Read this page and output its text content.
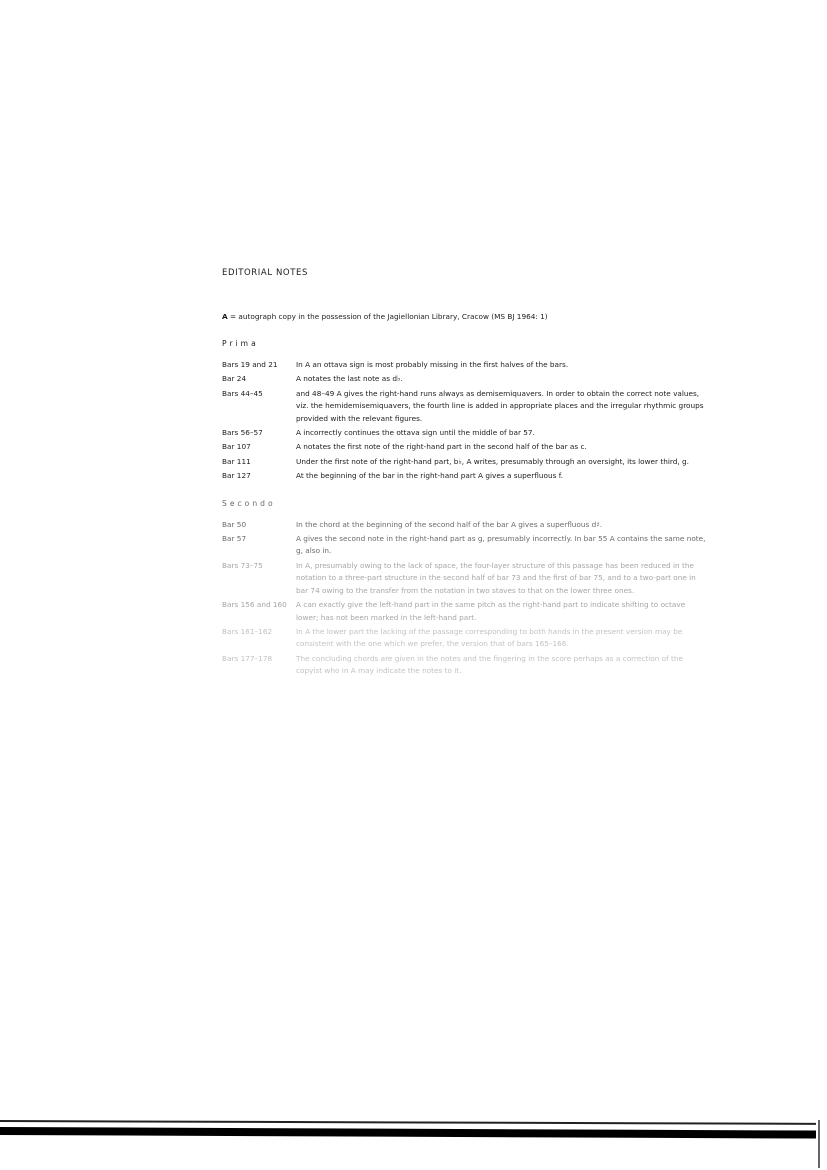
EDITORIAL NOTES
A = autograph copy in the possession of the Jagiellonian Library, Cracow (MS BJ 1964: 1)
Prima
Bars 19 and 21	In A an ottava sign is most probably missing in the first halves of the bars.
Bar 24	A notates the last note as d♭.
Bars 44–45	and 48–49 A gives the right-hand runs always as demisemiquavers. In order to obtain the correct note values, viz. the hemidemisemiquavers, the fourth line is added in appropriate places and the irregular rhythmic groups provided with the relevant figures.
Bars 56–57	A incorrectly continues the ottava sign until the middle of bar 57.
Bar 107	A notates the first note of the right-hand part in the second half of the bar as c.
Bar 111	Under the first note of the right-hand part, b♭, A writes, presumably through an oversight, its lower third, g.
Bar 127	At the beginning of the bar in the right-hand part A gives a superfluous f.
Secondo
Bar 50	In the chord at the beginning of the second half of the bar A gives a superfluous d♯.
Bar 57	A gives the second note in the right-hand part as g, presumably incorrectly. In bar 55 A contains the same note, g, also in.
Bars 73–75	In A, presumably owing to the lack of space, the four-layer structure of this passage has been reduced in the notation to a three-part structure in the second half of bar 73 and the first of bar 75, and to a two-part one in bar 74 owing to the transfer from the notation in two staves to that on the lower three ones.
Bars 156 and 160	A can exactly give the left-hand part in the same pitch as the right-hand part to indicate shifting to octave lower; has not been marked in the left-hand part.
Bars 161–162	In A the lower part the lacking of the passage corresponding to both hands in the present version may be consistent with the one which we prefer, the version that of bars 165–166.
Bars 177–178	The concluding chords are given in the notes and the fingering in the score perhaps as a correction of the copyist who in A may indicate the notes to it.
